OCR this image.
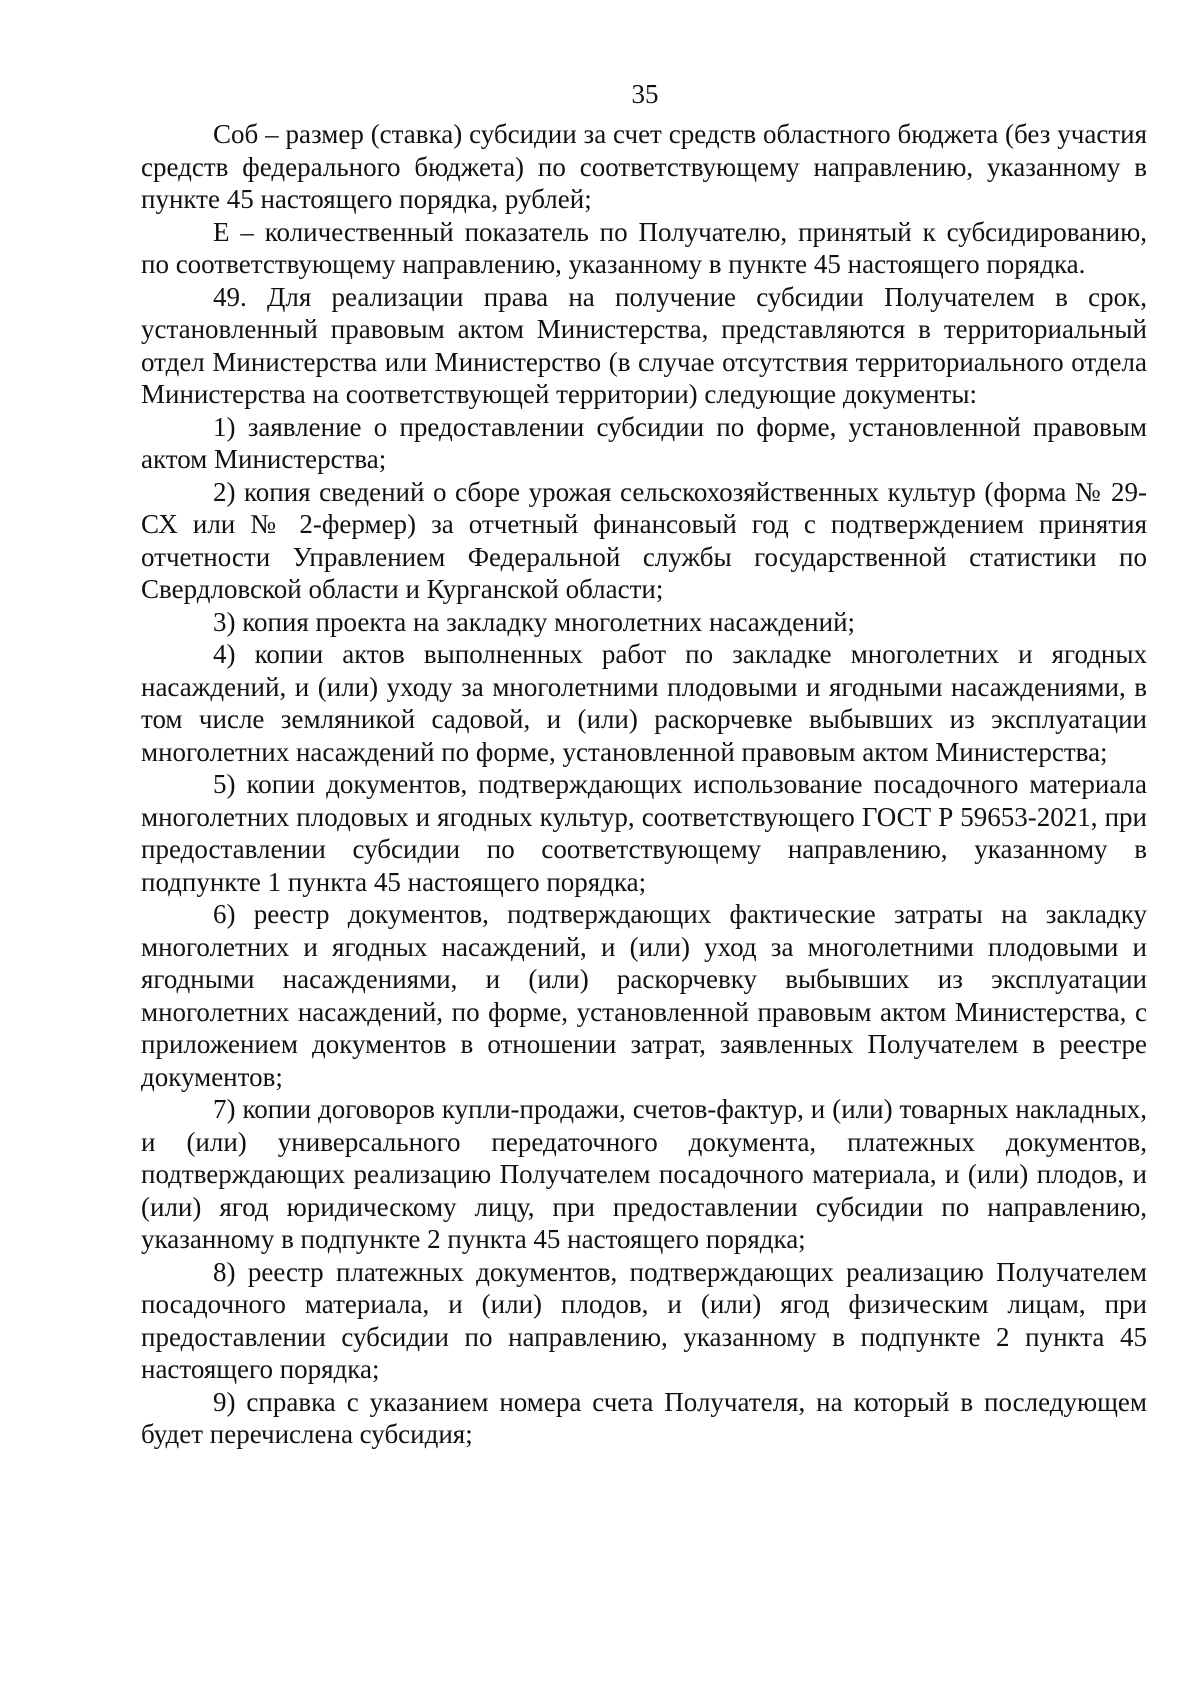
35

Соб – размер (ставка) субсидии за счет средств областного бюджета (без участия средств федерального бюджета) по соответствующему направлению, указанному в пункте 45 настоящего порядка, рублей;

Е – количественный показатель по Получателю, принятый к субсидированию, по соответствующему направлению, указанному в пункте 45 настоящего порядка.

49. Для реализации права на получение субсидии Получателем в срок, установленный правовым актом Министерства, представляются в территориальный отдел Министерства или Министерство (в случае отсутствия территориального отдела Министерства на соответствующей территории) следующие документы:

1) заявление о предоставлении субсидии по форме, установленной правовым актом Министерства;

2) копия сведений о сборе урожая сельскохозяйственных культур (форма № 29-СХ или № 2-фермер) за отчетный финансовый год с подтверждением принятия отчетности Управлением Федеральной службы государственной статистики по Свердловской области и Курганской области;

3) копия проекта на закладку многолетних насаждений;

4) копии актов выполненных работ по закладке многолетних и ягодных насаждений, и (или) уходу за многолетними плодовыми и ягодными насаждениями, в том числе земляникой садовой, и (или) раскорчевке выбывших из эксплуатации многолетних насаждений по форме, установленной правовым актом Министерства;

5) копии документов, подтверждающих использование посадочного материала многолетних плодовых и ягодных культур, соответствующего ГОСТ Р 59653-2021, при предоставлении субсидии по соответствующему направлению, указанному в подпункте 1 пункта 45 настоящего порядка;

6) реестр документов, подтверждающих фактические затраты на закладку многолетних и ягодных насаждений, и (или) уход за многолетними плодовыми и ягодными насаждениями, и (или) раскорчевку выбывших из эксплуатации многолетних насаждений, по форме, установленной правовым актом Министерства, с приложением документов в отношении затрат, заявленных Получателем в реестре документов;

7) копии договоров купли-продажи, счетов-фактур, и (или) товарных накладных, и (или) универсального передаточного документа, платежных документов, подтверждающих реализацию Получателем посадочного материала, и (или) плодов, и (или) ягод юридическому лицу, при предоставлении субсидии по направлению, указанному в подпункте 2 пункта 45 настоящего порядка;

8) реестр платежных документов, подтверждающих реализацию Получателем посадочного материала, и (или) плодов, и (или) ягод физическим лицам, при предоставлении субсидии по направлению, указанному в подпункте 2 пункта 45 настоящего порядка;

9) справка с указанием номера счета Получателя, на который в последующем будет перечислена субсидия;
